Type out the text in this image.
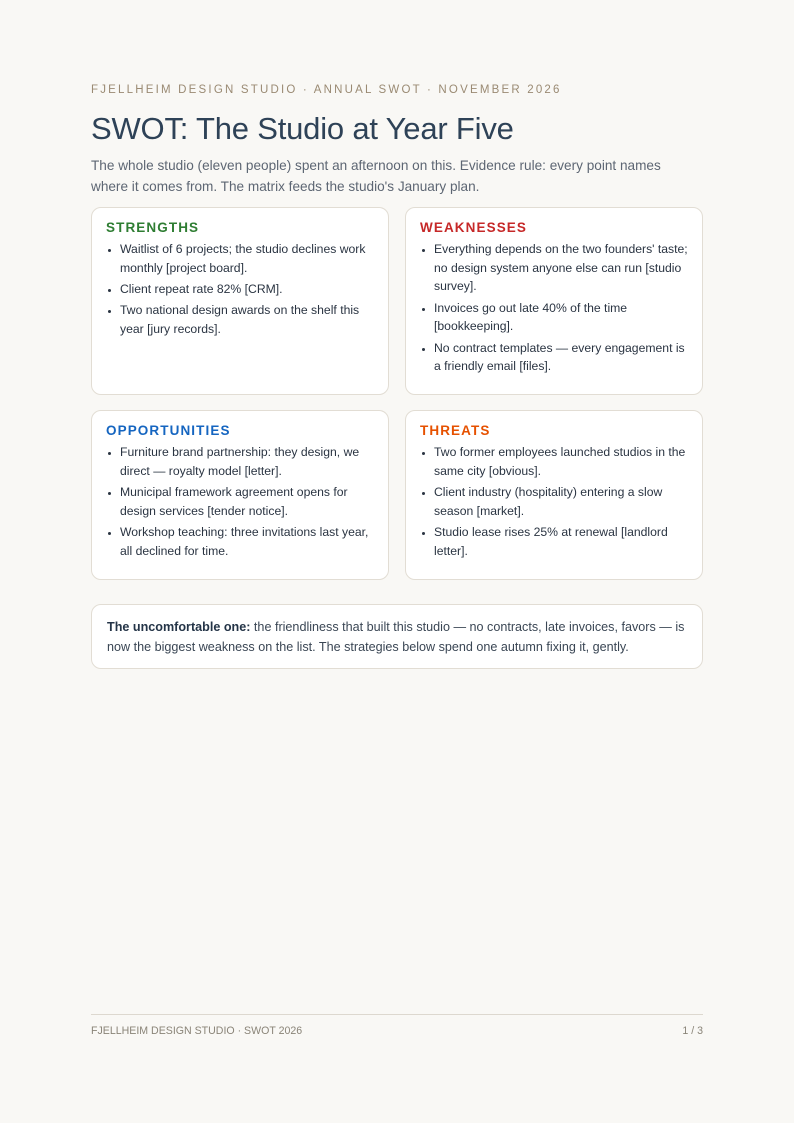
FJELLHEIM DESIGN STUDIO · ANNUAL SWOT · NOVEMBER 2026
SWOT: The Studio at Year Five
The whole studio (eleven people) spent an afternoon on this. Evidence rule: every point names where it comes from. The matrix feeds the studio's January plan.
STRENGTHS
• Waitlist of 6 projects; the studio declines work monthly [project board].
• Client repeat rate 82% [CRM].
• Two national design awards on the shelf this year [jury records].
WEAKNESSES
• Everything depends on the two founders' taste; no design system anyone else can run [studio survey].
• Invoices go out late 40% of the time [bookkeeping].
• No contract templates — every engagement is a friendly email [files].
OPPORTUNITIES
• Furniture brand partnership: they design, we direct — royalty model [letter].
• Municipal framework agreement opens for design services [tender notice].
• Workshop teaching: three invitations last year, all declined for time.
THREATS
• Two former employees launched studios in the same city [obvious].
• Client industry (hospitality) entering a slow season [market].
• Studio lease rises 25% at renewal [landlord letter].
The uncomfortable one: the friendliness that built this studio — no contracts, late invoices, favors — is now the biggest weakness on the list. The strategies below spend one autumn fixing it, gently.
FJELLHEIM DESIGN STUDIO · SWOT 2026	1 / 3
